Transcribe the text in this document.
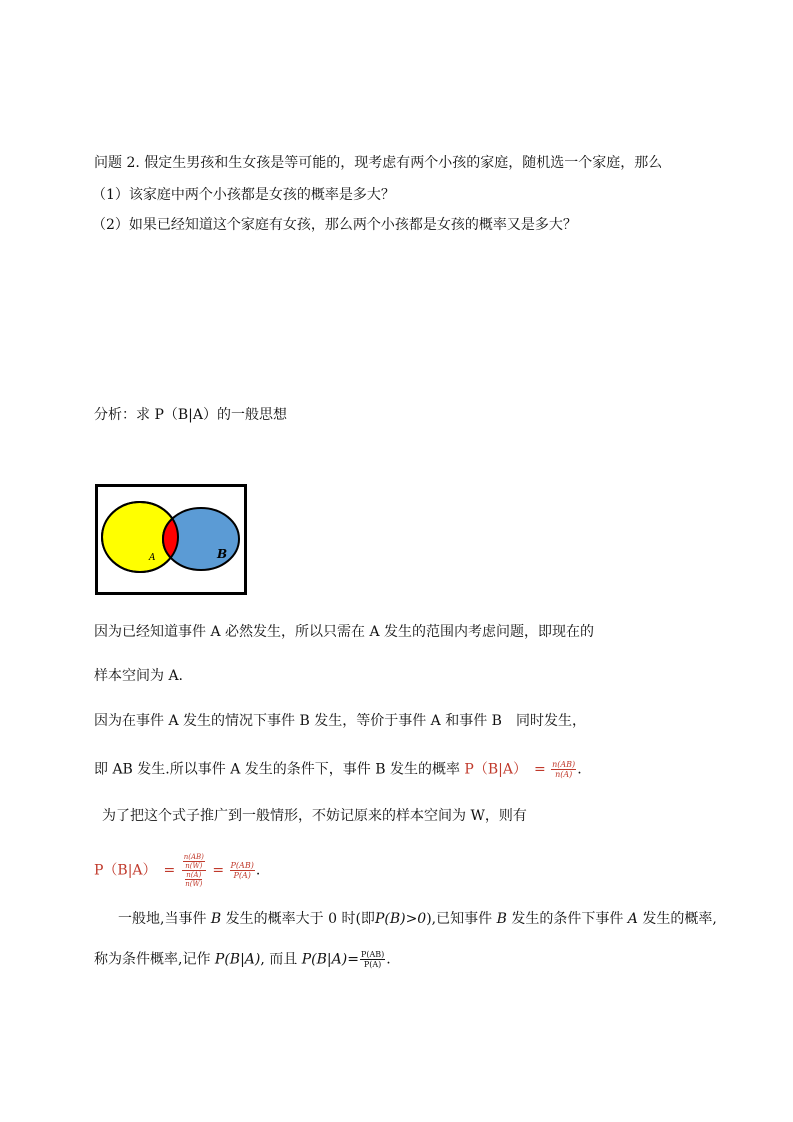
问题 2. 假定生男孩和生女孩是等可能的，现考虑有两个小孩的家庭，随机选一个家庭，那么
（1）该家庭中两个小孩都是女孩的概率是多大？
（2）如果已经知道这个家庭有女孩，那么两个小孩都是女孩的概率又是多大？
分析：求 P（B|A）的一般思想
A	B
因为已经知道事件 A 必然发生，所以只需在 A 发生的范围内考虑问题，即现在的
样本空间为 A.
因为在事件 A 发生的情况下事件 B 发生，等价于事件 A 和事件 B　同时发生，
即 AB 发生.所以事件 A 发生的条件下，事件 B 发生的概率 P（B|A）　= $\frac{n(AB)}{n(A)}$ .
为了把这个式子推广到一般情形，不妨记原来的样本空间为 W，则有
P（B|A）　= $\frac{\frac{n(AB)}{n(W)}}{\frac{n(A)}{n(W)}} = \frac{P(AB)}{P(A)}$ .
一般地,当事件 B 发生的概率大于 0 时(即P(B)>0),已知事件 B 发生的条件下事件 A 发生的概率,
称为条件概率,记作 P(B|A), 而且 $P(B|A)= \frac{P(AB)}{P(A)}$ .
